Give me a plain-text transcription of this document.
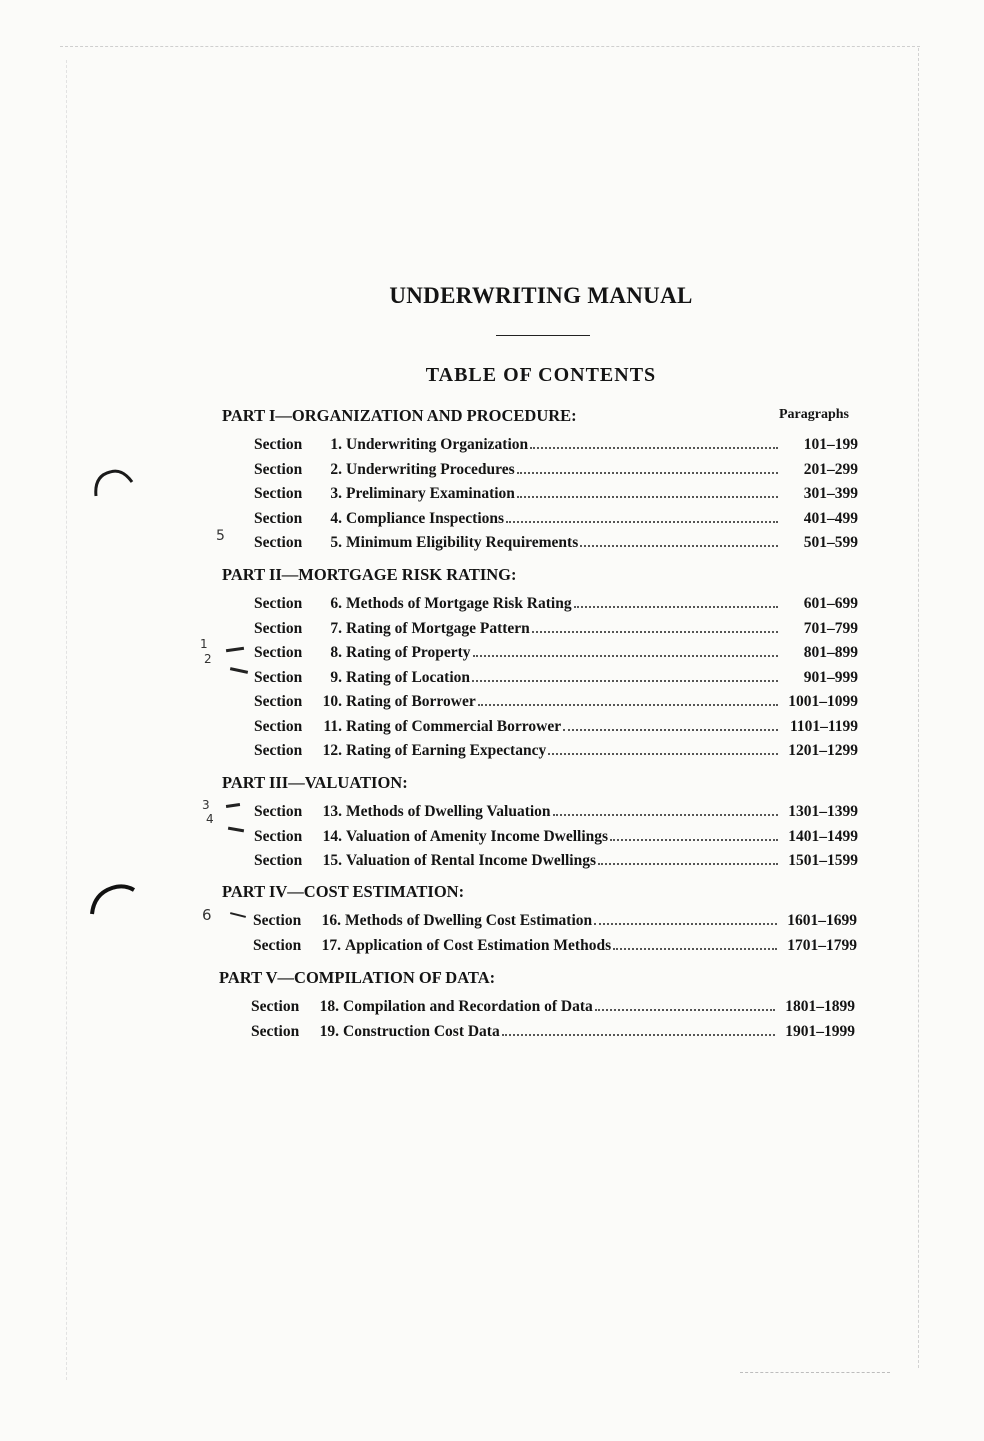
UNDERWRITING MANUAL
TABLE OF CONTENTS
Paragraphs
PART I—ORGANIZATION AND PROCEDURE:
Section	1. Underwriting Organization	101–199
Section	2. Underwriting Procedures	201–299
Section	3. Preliminary Examination	301–399
Section	4. Compliance Inspections	401–499
Section	5. Minimum Eligibility Requirements	501–599
PART II—MORTGAGE RISK RATING:
Section	6. Methods of Mortgage Risk Rating	601–699
Section	7. Rating of Mortgage Pattern	701–799
Section	8. Rating of Property	801–899
Section	9. Rating of Location	901–999
Section	10. Rating of Borrower	1001–1099
Section	11. Rating of Commercial Borrower	1101–1199
Section	12. Rating of Earning Expectancy	1201–1299
PART III—VALUATION:
Section	13. Methods of Dwelling Valuation	1301–1399
Section	14. Valuation of Amenity Income Dwellings	1401–1499
Section	15. Valuation of Rental Income Dwellings	1501–1599
PART IV—COST ESTIMATION:
Section	16. Methods of Dwelling Cost Estimation	1601–1699
Section	17. Application of Cost Estimation Methods	1701–1799
PART V—COMPILATION OF DATA:
Section	18. Compilation and Recordation of Data	1801–1899
Section	19. Construction Cost Data	1901–1999
5
1
2
3
4
6
